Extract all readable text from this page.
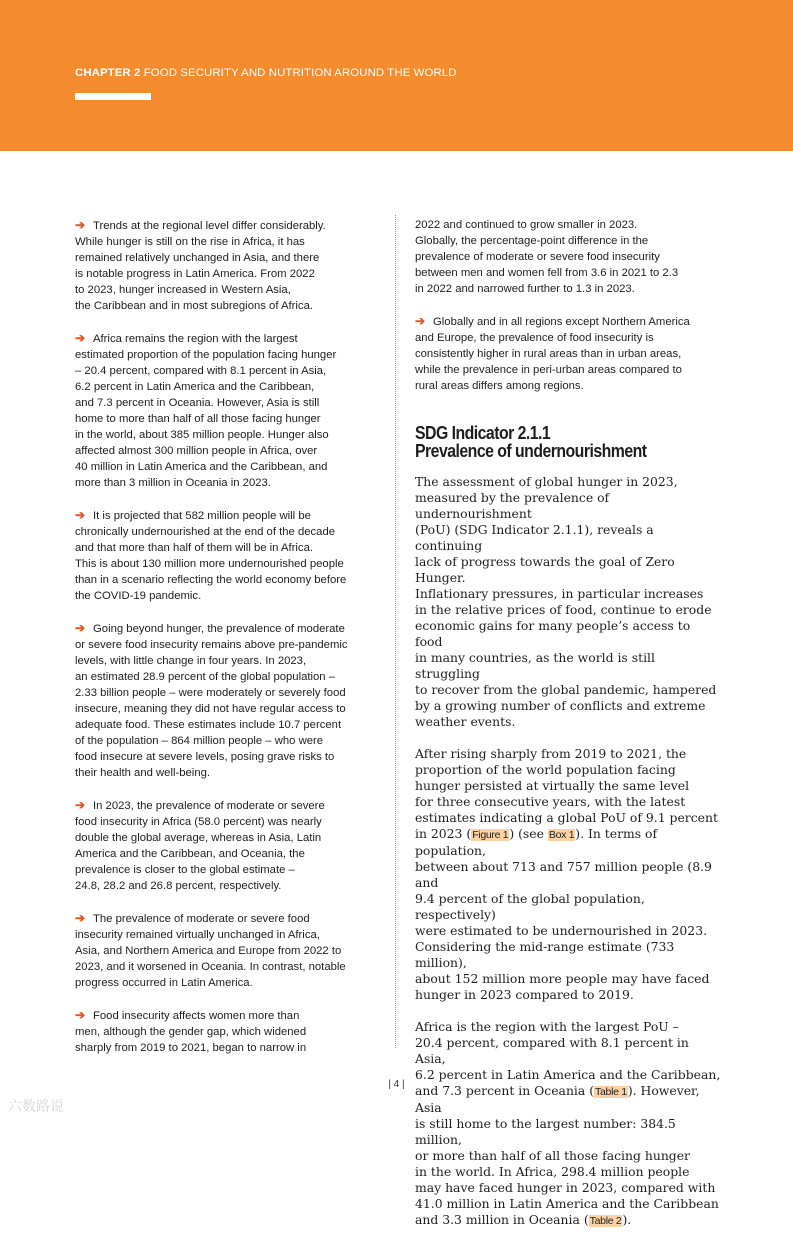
CHAPTER 2 FOOD SECURITY AND NUTRITION AROUND THE WORLD

➔ Trends at the regional level differ considerably.
While hunger is still on the rise in Africa, it has
remained relatively unchanged in Asia, and there
is notable progress in Latin America. From 2022
to 2023, hunger increased in Western Asia,
the Caribbean and in most subregions of Africa.

➔ Africa remains the region with the largest
estimated proportion of the population facing hunger
– 20.4 percent, compared with 8.1 percent in Asia,
6.2 percent in Latin America and the Caribbean,
and 7.3 percent in Oceania. However, Asia is still
home to more than half of all those facing hunger
in the world, about 385 million people. Hunger also
affected almost 300 million people in Africa, over
40 million in Latin America and the Caribbean, and
more than 3 million in Oceania in 2023.

➔ It is projected that 582 million people will be
chronically undernourished at the end of the decade
and that more than half of them will be in Africa.
This is about 130 million more undernourished people
than in a scenario reflecting the world economy before
the COVID-19 pandemic.

➔ Going beyond hunger, the prevalence of moderate
or severe food insecurity remains above pre-pandemic
levels, with little change in four years. In 2023,
an estimated 28.9 percent of the global population –
2.33 billion people – were moderately or severely food
insecure, meaning they did not have regular access to
adequate food. These estimates include 10.7 percent
of the population – 864 million people – who were
food insecure at severe levels, posing grave risks to
their health and well-being.

➔ In 2023, the prevalence of moderate or severe
food insecurity in Africa (58.0 percent) was nearly
double the global average, whereas in Asia, Latin
America and the Caribbean, and Oceania, the
prevalence is closer to the global estimate –
24.8, 28.2 and 26.8 percent, respectively.

➔ The prevalence of moderate or severe food
insecurity remained virtually unchanged in Africa,
Asia, and Northern America and Europe from 2022 to
2023, and it worsened in Oceania. In contrast, notable
progress occurred in Latin America.

➔ Food insecurity affects women more than
men, although the gender gap, which widened
sharply from 2019 to 2021, began to narrow in

2022 and continued to grow smaller in 2023.
Globally, the percentage-point difference in the
prevalence of moderate or severe food insecurity
between men and women fell from 3.6 in 2021 to 2.3
in 2022 and narrowed further to 1.3 in 2023.

➔ Globally and in all regions except Northern America
and Europe, the prevalence of food insecurity is
consistently higher in rural areas than in urban areas,
while the prevalence in peri-urban areas compared to
rural areas differs among regions.

SDG Indicator 2.1.1
Prevalence of undernourishment

The assessment of global hunger in 2023,
measured by the prevalence of undernourishment
(PoU) (SDG Indicator 2.1.1), reveals a continuing
lack of progress towards the goal of Zero Hunger.
Inflationary pressures, in particular increases
in the relative prices of food, continue to erode
economic gains for many people’s access to food
in many countries, as the world is still struggling
to recover from the global pandemic, hampered
by a growing number of conflicts and extreme
weather events.

After rising sharply from 2019 to 2021, the
proportion of the world population facing
hunger persisted at virtually the same level
for three consecutive years, with the latest
estimates indicating a global PoU of 9.1 percent
in 2023 (Figure 1) (see Box 1). In terms of population,
between about 713 and 757 million people (8.9 and
9.4 percent of the global population, respectively)
were estimated to be undernourished in 2023.
Considering the mid-range estimate (733 million),
about 152 million more people may have faced
hunger in 2023 compared to 2019.

Africa is the region with the largest PoU –
20.4 percent, compared with 8.1 percent in Asia,
6.2 percent in Latin America and the Caribbean,
and 7.3 percent in Oceania (Table 1). However, Asia
is still home to the largest number: 384.5 million,
or more than half of all those facing hunger
in the world. In Africa, 298.4 million people
may have faced hunger in 2023, compared with
41.0 million in Latin America and the Caribbean
and 3.3 million in Oceania (Table 2).

| 4 |
六数路说
